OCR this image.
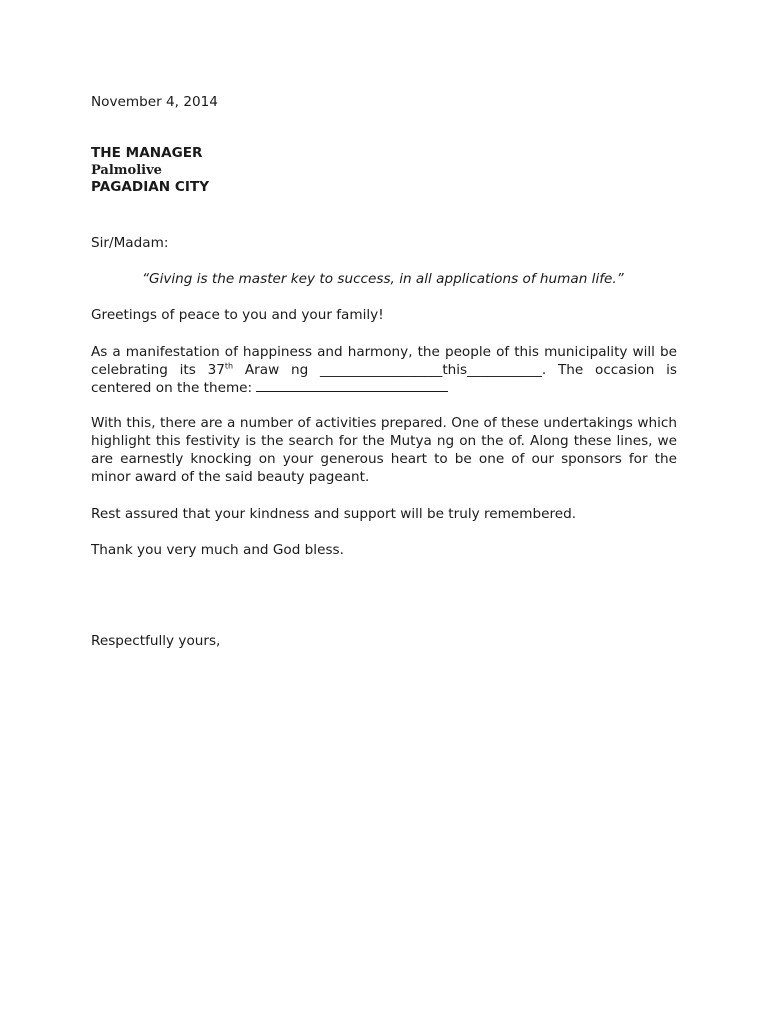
November 4, 2014
THE MANAGER
Palmolive
PAGADIAN CITY
Sir/Madam:
“Giving is the master key to success, in all applications of human life.”
Greetings of peace to you and your family!
As a manifestation of happiness and harmony, the people of this municipality will be celebrating its 37th Araw ng __________________this___________. The occasion is centered on the theme:
With this, there are a number of activities prepared. One of these undertakings which highlight this festivity is the search for the Mutya ng on the of. Along these lines, we are earnestly knocking on your generous heart to be one of our sponsors for the minor award of the said beauty pageant.
Rest assured that your kindness and support will be truly remembered.
Thank you very much and God bless.
Respectfully yours,
